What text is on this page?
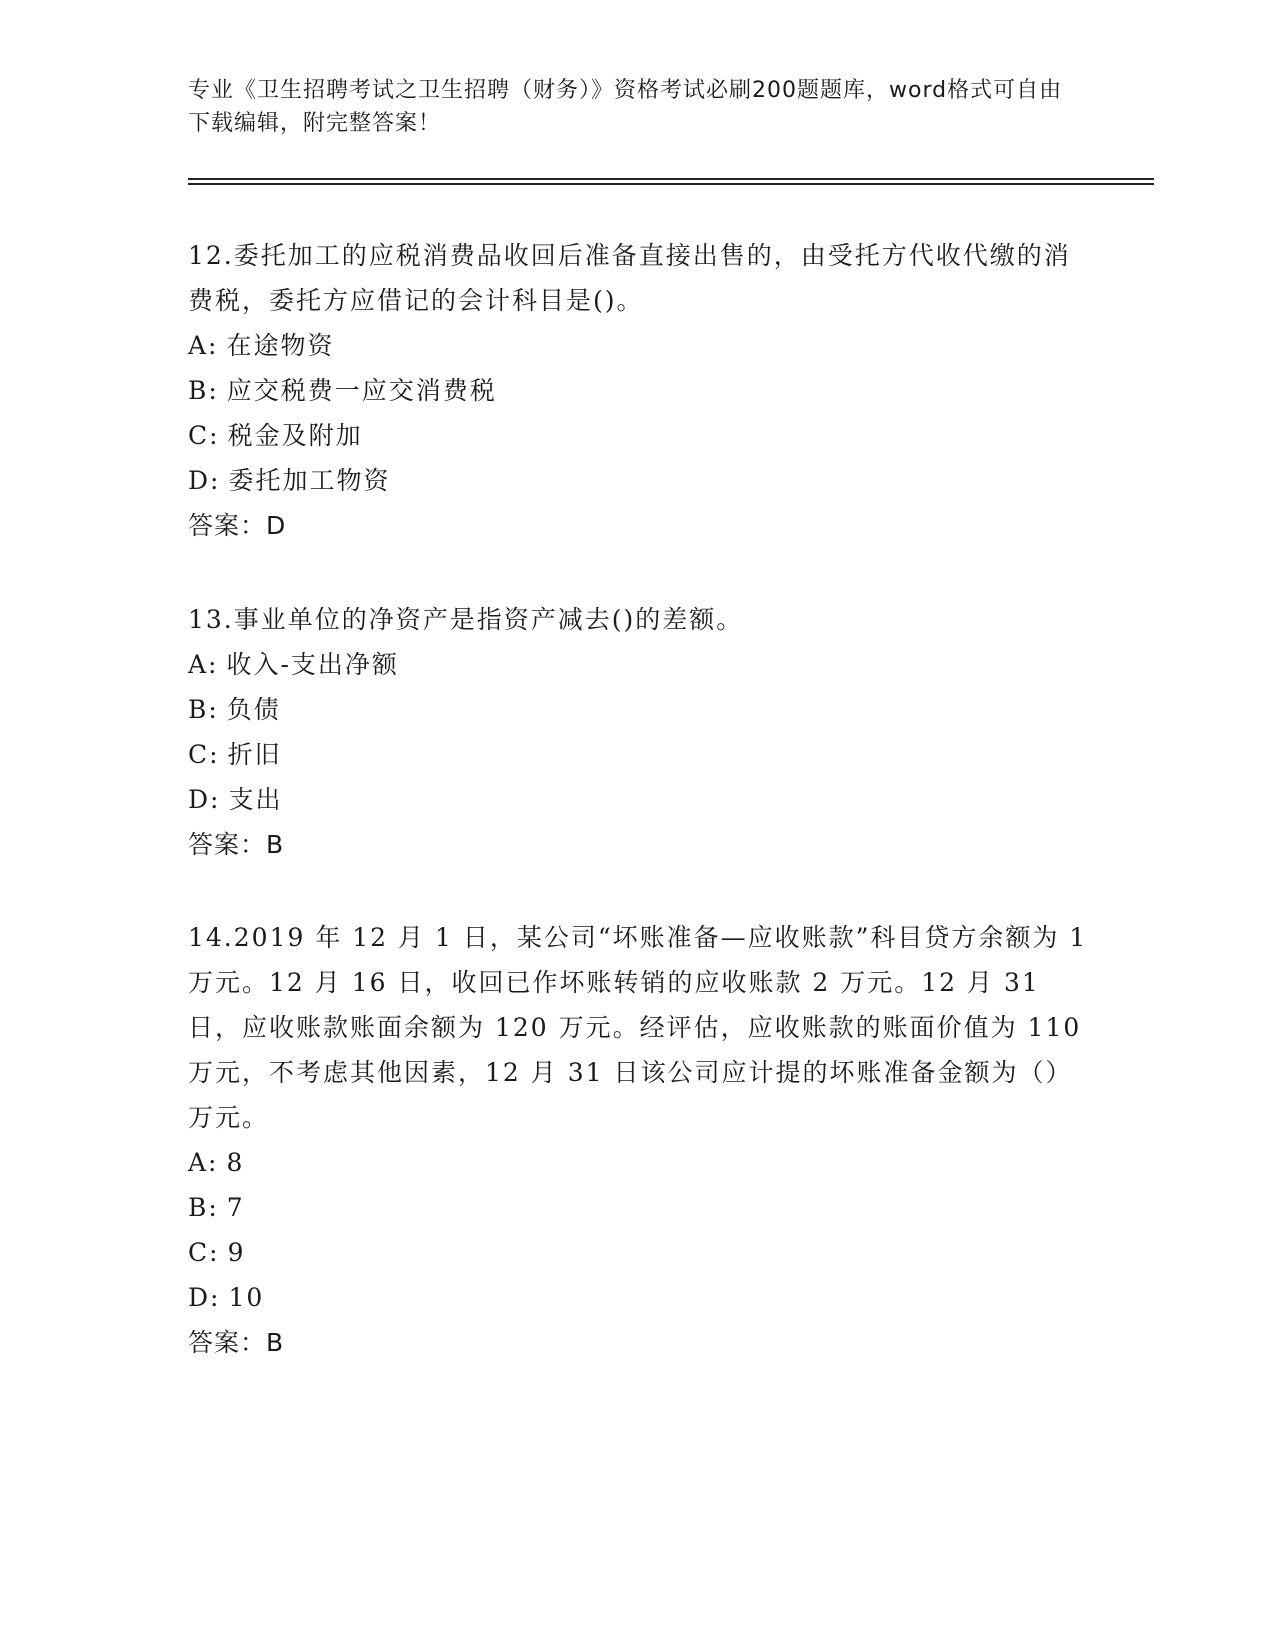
专业《卫生招聘考试之卫生招聘（财务）》资格考试必刷200题题库，word格式可自由下载编辑，附完整答案！

12.委托加工的应税消费品收回后准备直接出售的，由受托方代收代缴的消费税，委托方应借记的会计科目是()。

A: 在途物资

B: 应交税费一应交消费税

C: 税金及附加

D: 委托加工物资

答案：D

13.事业单位的净资产是指资产减去()的差额。

A: 收入-支出净额

B: 负债

C: 折旧

D: 支出

答案：B

14.2019 年 12 月 1 日，某公司“坏账准备—应收账款”科目贷方余额为 1 万元。12 月 16 日，收回已作坏账转销的应收账款 2 万元。12 月 31 日，应收账款账面余额为 120 万元。经评估，应收账款的账面价值为 110 万元，不考虑其他因素，12 月 31 日该公司应计提的坏账准备金额为（）万元。

A: 8

B: 7

C: 9

D: 10

答案：B
